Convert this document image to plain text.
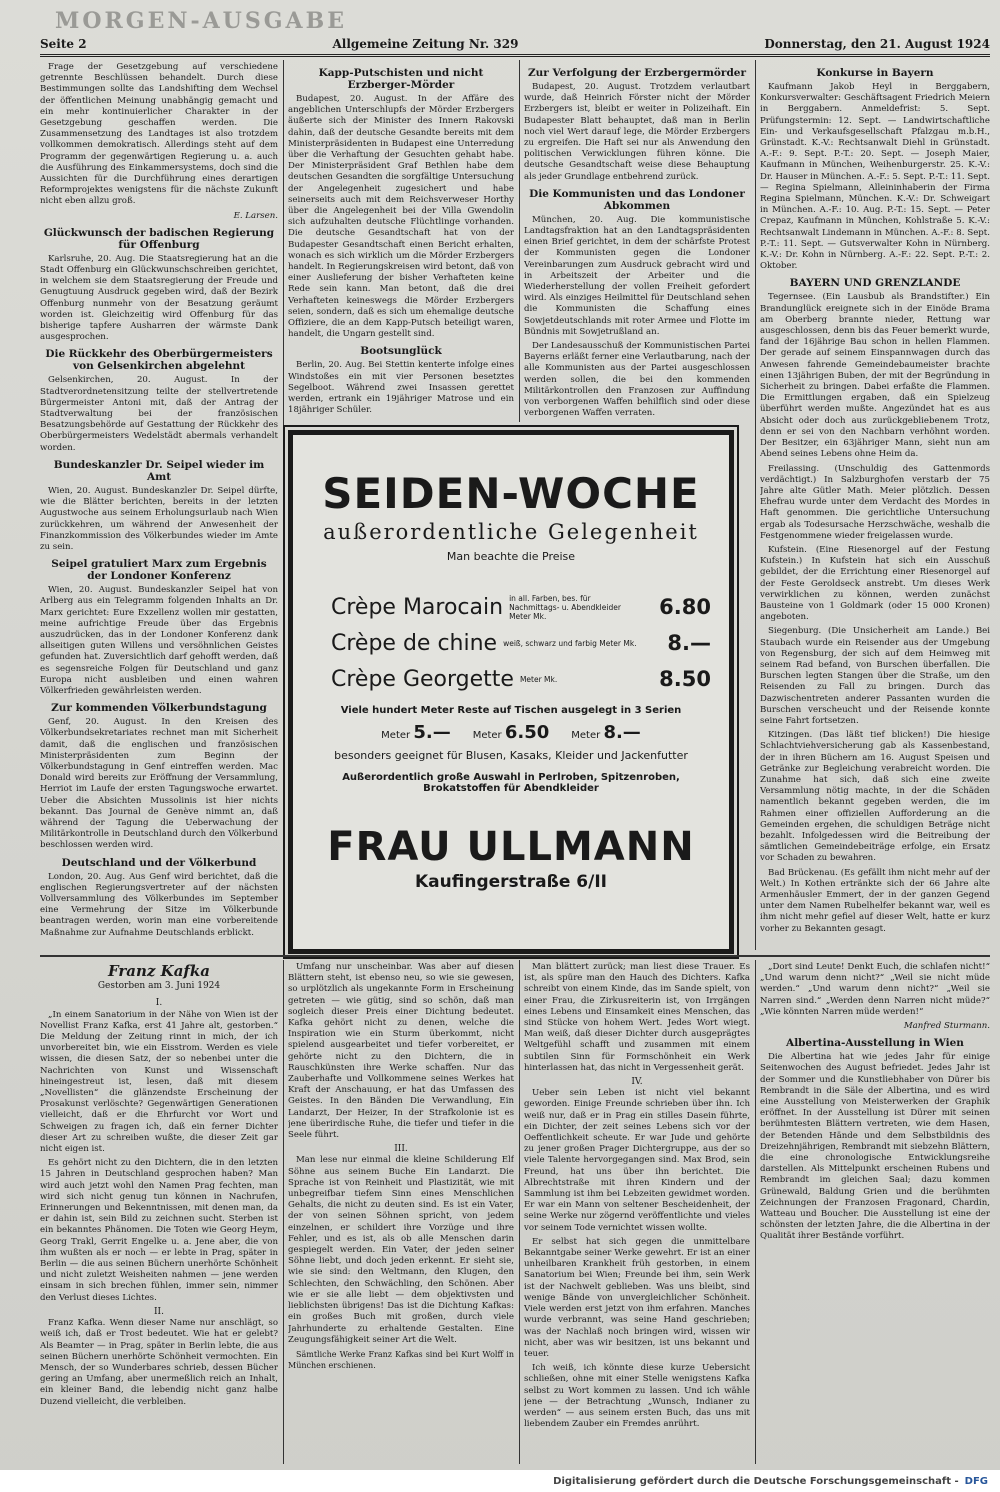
MORGEN-AUSGABE
Seite 2	Allgemeine Zeitung Nr. 329	Donnerstag, den 21. August 1924

Frage der Gesetzgebung auf verschiedene getrennte Beschlüssen behandelt. Durch diese Bestimmungen sollte das Landshifting dem Wechsel der öffentlichen Meinung unabhängig gemacht und ein mehr kontinuierlicher Charakter in der Gesetzgebung geschaffen werden. Die Zusammensetzung des Landtages ist also trotzdem vollkommen demokratisch. Allerdings steht auf dem Programm der gegenwärtigen Regierung u. a. auch die Ausführung des Einkammersystems, doch sind die Aussichten für die Durchführung eines derartigen Reformprojektes wenigstens für die nächste Zukunft nicht eben allzu groß.

E. Larsen.
Glückwunsch der badischen Regierung für Offenburg

Karlsruhe, 20. Aug. Die Staatsregierung hat an die Stadt Offenburg ein Glückwunschschreiben gerichtet, in welchem sie dem Staatsregierung der Freude und Genugtuung Ausdruck gegeben wird, daß der Bezirk Offenburg nunmehr von der Besatzung geräumt worden ist. Gleichzeitig wird Offenburg für das bisherige tapfere Ausharren der wärmste Dank ausgesprochen.

Die Rückkehr des Oberbürgermeisters von Gelsenkirchen abgelehnt

Gelsenkirchen, 20. August. In der Stadtverordnetensitzung teilte der stellvertretende Bürgermeister Antoni mit, daß der Antrag der Stadtverwaltung bei der französischen Besatzungsbehörde auf Gestattung der Rückkehr des Oberbürgermeisters Wedelstädt abermals verhandelt worden.

Bundeskanzler Dr. Seipel wieder im Amt

Wien, 20. August. Bundeskanzler Dr. Seipel dürfte, wie die Blätter berichten, bereits in der letzten Augustwoche aus seinem Erholungsurlaub nach Wien zurückkehren, um während der Anwesenheit der Finanzkommission des Völkerbundes wieder im Amte zu sein.

Seipel gratuliert Marx zum Ergebnis der Londoner Konferenz

Wien, 20. August. Bundeskanzler Seipel hat von Arlberg aus ein Telegramm folgenden Inhalts an Dr. Marx gerichtet: Eure Exzellenz wollen mir gestatten, meine aufrichtige Freude über das Ergebnis auszudrücken, das in der Londoner Konferenz dank allseitigen guten Willens und versöhnlichen Geistes gefunden hat. Zuversichtlich darf gehofft werden, daß es segensreiche Folgen für Deutschland und ganz Europa nicht ausbleiben und einen wahren Völkerfrieden gewährleisten werden.

Zur kommenden Völkerbundstagung

Genf, 20. August. In den Kreisen des Völkerbundsekretariates rechnet man mit Sicherheit damit, daß die englischen und französischen Ministerpräsidenten zum Beginn der Völkerbundstagung in Genf eintreffen werden. Mac Donald wird bereits zur Eröffnung der Versammlung, Herriot im Laufe der ersten Tagungswoche erwartet. Ueber die Absichten Mussolinis ist hier nichts bekannt. Das Journal de Genève nimmt an, daß während der Tagung die Ueberwachung der Militärkontrolle in Deutschland durch den Völkerbund beschlossen werden wird.

Deutschland und der Völkerbund

London, 20. Aug. Aus Genf wird berichtet, daß die englischen Regierungsvertreter auf der nächsten Vollversammlung des Völkerbundes im September eine Vermehrung der Sitze im Völkerbunde beantragen werden, worin man eine vorbereitende Maßnahme zur Aufnahme Deutschlands erblickt.

Kapp-Putschisten und nicht Erzberger-Mörder

Budapest, 20. August. In der Affäre des angeblichen Unterschlupfs der Mörder Erzbergers äußerte sich der Minister des Innern Rakovski dahin, daß der deutsche Gesandte bereits mit dem Ministerpräsidenten in Budapest eine Unterredung über die Verhaftung der Gesuchten gehabt habe. Der Ministerpräsident Graf Bethlen habe dem deutschen Gesandten die sorgfältige Untersuchung der Angelegenheit zugesichert und habe seinerseits auch mit dem Reichsverweser Horthy über die Angelegenheit bei der Villa Gwendolin sich aufzuhalten deutsche Flüchtlinge vorhanden. Die deutsche Gesandtschaft hat von der Budapester Gesandtschaft einen Bericht erhalten, wonach es sich wirklich um die Mörder Erzbergers handelt. In Regierungskreisen wird betont, daß von einer Auslieferung der bisher Verhafteten keine Rede sein kann. Man betont, daß die drei Verhafteten keineswegs die Mörder Erzbergers seien, sondern, daß es sich um ehemalige deutsche Offiziere, die an dem Kapp-Putsch beteiligt waren, handelt, die Ungarn gestellt sind.

Bootsunglück

Berlin, 20. Aug. Bei Stettin kenterte infolge eines Windstoßes ein mit vier Personen besetztes Segelboot. Während zwei Insassen gerettet werden, ertrank ein 19jähriger Matrose und ein 18jähriger Schüler.

Zur Verfolgung der Erzbergermörder

Budapest, 20. August. Trotzdem verlautbart wurde, daß Heinrich Förster nicht der Mörder Erzbergers ist, bleibt er weiter in Polizeihaft. Ein Budapester Blatt behauptet, daß man in Berlin noch viel Wert darauf lege, die Mörder Erzbergers zu ergreifen. Die Haft sei nur als Anwendung den politischen Verwicklungen führen könne. Die deutsche Gesandtschaft weise diese Behauptung als jeder Grundlage entbehrend zurück.

Die Kommunisten und das Londoner Abkommen

München, 20. Aug. Die kommunistische Landtagsfraktion hat an den Landtagspräsidenten einen Brief gerichtet, in dem der schärfste Protest der Kommunisten gegen die Londoner Vereinbarungen zum Ausdruck gebracht wird und in Arbeitszeit der Arbeiter und die Wiederherstellung der vollen Freiheit gefordert wird. Als einziges Heilmittel für Deutschland sehen die Kommunisten die Schaffung eines Sowjetdeutschlands mit roter Armee und Flotte im Bündnis mit Sowjetrußland an.

Der Landesausschuß der Kommunistischen Partei Bayerns erläßt ferner eine Verlautbarung, nach der alle Kommunisten aus der Partei ausgeschlossen werden sollen, die bei den kommenden Militärkontrollen den Franzosen zur Auffindung von verborgenen Waffen behilflich sind oder diese verborgenen Waffen verraten.

Konkurse in Bayern

Kaufmann Jakob Heyl in Berggabern, Konkursverwalter: Geschäftsagent Friedrich Meiern in Berggabern. Anmeldefrist: 5. Sept. Prüfungstermin: 12. Sept. — Landwirtschaftliche Ein- und Verkaufsgesellschaft Pfalzgau m.b.H., Grünstadt. K.-V.: Rechtsanwalt Diehl in Grünstadt. A.-F.: 9. Sept. P.-T.: 20. Sept. — Joseph Maier, Kaufmann in München, Weihenburgerstr. 25. K.-V.: Dr. Hauser in München. A.-F.: 5. Sept. P.-T.: 11. Sept. — Regina Spielmann, Alleininhaberin der Firma Regina Spielmann, München. K.-V.: Dr. Schweigart in München. A.-F.: 10. Aug. P.-T.: 15. Sept. — Peter Crepaz, Kaufmann in München, Kohlstraße 5. K.-V.: Rechtsanwalt Lindemann in München. A.-F.: 8. Sept. P.-T.: 11. Sept. — Gutsverwalter Kohn in Nürnberg. K.-V.: Dr. Kohn in Nürnberg. A.-F.: 22. Sept. P.-T.: 2. Oktober.

BAYERN UND GRENZLANDE

Tegernsee. (Ein Lausbub als Brandstifter.) Ein Brandunglück ereignete sich in der Einöde Brama am Oberberg brannte nieder, Rettung war ausgeschlossen, denn bis das Feuer bemerkt wurde, fand der 16jährige Bau schon in hellen Flammen. Der gerade auf seinem Einspannwagen durch das Anwesen fahrende Gemeindebaumeister brachte einen 13jährigen Buben, der mit der Begründung in Sicherheit zu bringen. Dabei erfaßte die Flammen. Die Ermittlungen ergaben, daß ein Spielzeug überführt werden mußte. Angezündet hat es aus Absicht oder doch aus zurückgebliebenem Trotz, denn er sei von den Nachbarn verhöhnt worden. Der Besitzer, ein 63jähriger Mann, sieht nun am Abend seines Lebens ohne Heim da.

Freilassing. (Unschuldig des Gattenmords verdächtigt.) In Salzburghofen verstarb der 75 Jahre alte Gütler Math. Meier plötzlich. Dessen Ehefrau wurde unter dem Verdacht des Mordes in Haft genommen. Die gerichtliche Untersuchung ergab als Todesursache Herzschwäche, weshalb die Festgenommene wieder freigelassen wurde.

Kufstein. (Eine Riesenorgel auf der Festung Kufstein.) In Kufstein hat sich ein Ausschuß gebildet, der die Errichtung einer Riesenorgel auf der Feste Geroldseck anstrebt. Um dieses Werk verwirklichen zu können, werden zunächst Bausteine von 1 Goldmark (oder 15 000 Kronen) angeboten.

Siegenburg. (Die Unsicherheit am Lande.) Bei Staubach wurde ein Reisender aus der Umgebung von Regensburg, der sich auf dem Heimweg mit seinem Rad befand, von Burschen überfallen. Die Burschen legten Stangen über die Straße, um den Reisenden zu Fall zu bringen. Durch das Dazwischentreten anderer Passanten wurden die Burschen verscheucht und der Reisende konnte seine Fahrt fortsetzen.

Kitzingen. (Das läßt tief blicken!) Die hiesige Schlachtviehversicherung gab als Kassenbestand, der in ihren Büchern am 16. August Speisen und Getränke zur Begleichung verabreicht worden. Die Zunahme hat sich, daß sich eine zweite Versammlung nötig machte, in der die Schäden namentlich bekannt gegeben werden, die im Rahmen einer offiziellen Aufforderung an die Gemeinden ergehen, die schuldigen Beträge nicht bezahlt. Infolgedessen wird die Beitreibung der sämtlichen Gemeindebeiträge erfolge, ein Ersatz vor Schaden zu bewahren.

Bad Brückenau. (Es gefällt ihm nicht mehr auf der Welt.) In Kothen ertränkte sich der 66 Jahre alte Armenhäusler Emmert, der in der ganzen Gegend unter dem Namen Rubelhelfer bekannt war, weil es ihm nicht mehr gefiel auf dieser Welt, hatte er kurz vorher zu Bekannten gesagt.

SEIDEN-WOCHE
außerordentliche Gelegenheit
Man beachte die Preise
Crèpe Marocain in all. Farben, bes. für Nachmittags- u. Abendkleider Meter Mk.	6.80
Crèpe de chine weiß, schwarz und farbig Meter Mk.	8.—
Crèpe Georgette Meter Mk.	8.50
Viele hundert Meter Reste auf Tischen ausgelegt in 3 Serien
Meter 5.— Meter 6.50 Meter 8.—
besonders geeignet für Blusen, Kasaks, Kleider und Jackenfutter
Außerordentlich große Auswahl in Perlroben, Spitzenroben, Brokatstoffen für Abendkleider
FRAU ULLMANN
Kaufingerstraße 6/II
Franz Kafka
Gestorben am 3. Juni 1924
I.

„In einem Sanatorium in der Nähe von Wien ist der Novellist Franz Kafka, erst 41 Jahre alt, gestorben.“ Die Meldung der Zeitung rinnt in mich, der ich unvorbereitet bin, wie ein Eisstrom. Werden es viele wissen, die diesen Satz, der so nebenbei unter die Nachrichten von Kunst und Wissenschaft hineingestreut ist, lesen, daß mit diesem „Novellisten“ die glänzendste Erscheinung der Prosakunst verlöschte? Gegenwärtigen Generationen vielleicht, daß er die Ehrfurcht vor Wort und Schweigen zu fragen ich, daß ein ferner Dichter dieser Art zu schreiben wußte, die dieser Zeit gar nicht eigen ist.

Es gehört nicht zu den Dichtern, die in den letzten 15 Jahren in Deutschland gesprochen haben? Man wird auch jetzt wohl den Namen Prag fechten, man wird sich nicht genug tun können in Nachrufen, Erinnerungen und Bekenntnissen, mit denen man, da er dahin ist, sein Bild zu zeichnen sucht. Sterben ist ein bekanntes Phänomen. Die Toten wie Georg Heym, Georg Trakl, Gerrit Engelke u. a. Jene aber, die von ihm wußten als er noch — er lebte in Prag, später in Berlin — die aus seinen Büchern unerhörte Schönheit und nicht zuletzt Weisheiten nahmen — jene werden einsam in sich brechen fühlen, immer sein, nimmer den Verlust dieses Lichtes.

II.

Franz Kafka. Wenn dieser Name nur anschlägt, so weiß ich, daß er Trost bedeutet. Wie hat er gelebt? Als Beamter — in Prag, später in Berlin lebte, die aus seinen Büchern unerhörte Schönheit vermochten. Ein Mensch, der so Wunderbares schrieb, dessen Bücher gering an Umfang, aber unermeßlich reich an Inhalt, ein kleiner Band, die lebendig nicht ganz halbe Duzend vielleicht, die verbleiben.

Umfang nur unscheinbar. Was aber auf diesen Blättern steht, ist ebenso neu, so wie sie gewesen, so urplötzlich als ungekannte Form in Erscheinung getreten — wie gütig, sind so schön, daß man sogleich dieser Preis einer Dichtung bedeutet. Kafka gehört nicht zu denen, welche die Inspiration wie ein Sturm überkommt, nicht spielend ausgearbeitet und tiefer vorbereitet, er gehörte nicht zu den Dichtern, die in Rauschkünsten ihre Werke schaffen. Nur das Zauberhafte und Vollkommene seines Werkes hat Kraft der Anschauung, er hat das Umfassen des Geistes. In den Bänden Die Verwandlung, Ein Landarzt, Der Heizer, In der Strafkolonie ist es jene überirdische Ruhe, die tiefer und tiefer in die Seele führt.

III.

Man lese nur einmal die kleine Schilderung Elf Söhne aus seinem Buche Ein Landarzt. Die Sprache ist von Reinheit und Plastizität, wie mit unbegreifbar tiefem Sinn eines Menschlichen Gehalts, die nicht zu deuten sind. Es ist ein Vater, der von seinen Söhnen spricht, von jedem einzelnen, er schildert ihre Vorzüge und ihre Fehler, und es ist, als ob alle Menschen darin gespiegelt werden. Ein Vater, der jeden seiner Söhne liebt, und doch jeden erkennt. Er sieht sie, wie sie sind: den Weltmann, den Klugen, den Schlechten, den Schwächling, den Schönen. Aber wie er sie alle liebt — dem objektivsten und lieblichsten übrigens! Das ist die Dichtung Kafkas: ein großes Buch mit großen, durch viele Jahrhunderte zu erhaltende Gestalten. Eine Zeugungsfähigkeit seiner Art die Welt.

Sämtliche Werke Franz Kafkas sind bei Kurt Wolff in München erschienen.

Man blättert zurück; man liest diese Trauer. Es ist, als spüre man den Hauch des Dichters. Kafka schreibt von einem Kinde, das im Sande spielt, von einer Frau, die Zirkusreiterin ist, von Irrgängen eines Lebens und Einsamkeit eines Menschen, das sind Stücke von hohem Wert. Jedes Wort wiegt. Man weiß, daß dieser Dichter durch ausgeprägtes Weltgefühl schafft und zusammen mit einem subtilen Sinn für Formschönheit ein Werk hinterlassen hat, das nicht in Vergessenheit gerät.

IV.

Ueber sein Leben ist nicht viel bekannt geworden. Einige Freunde schrieben über ihn. Ich weiß nur, daß er in Prag ein stilles Dasein führte, ein Dichter, der zeit seines Lebens sich vor der Oeffentlichkeit scheute. Er war Jude und gehörte zu jener großen Prager Dichtergruppe, aus der so viele Talente hervorgegangen sind. Max Brod, sein Freund, hat uns über ihn berichtet. Die Albrechtstraße mit ihren Kindern und der Sammlung ist ihm bei Lebzeiten gewidmet worden. Er war ein Mann von seltener Bescheidenheit, der seine Werke nur zögernd veröffentlichte und vieles vor seinem Tode vernichtet wissen wollte.

Er selbst hat sich gegen die unmittelbare Bekanntgabe seiner Werke gewehrt. Er ist an einer unheilbaren Krankheit früh gestorben, in einem Sanatorium bei Wien; Freunde bei ihm, sein Werk ist der Nachwelt geblieben. Was uns bleibt, sind wenige Bände von unvergleichlicher Schönheit. Viele werden erst jetzt von ihm erfahren. Manches wurde verbrannt, was seine Hand geschrieben; was der Nachlaß noch bringen wird, wissen wir nicht, aber was wir besitzen, ist uns bekannt und teuer.

Ich weiß, ich könnte diese kurze Uebersicht schließen, ohne mit einer Stelle wenigstens Kafka selbst zu Wort kommen zu lassen. Und ich wähle jene — der Betrachtung „Wunsch, Indianer zu werden“ — aus seinem ersten Buch, das uns mit liebendem Zauber ein Fremdes anrührt.

„Dort sind Leute! Denkt Euch, die schlafen nicht!“ „Und warum denn nicht?“ „Weil sie nicht müde werden.“ „Und warum denn nicht?“ „Weil sie Narren sind.“ „Werden denn Narren nicht müde?“ „Wie könnten Narren müde werden!“

Manfred Sturmann.
Albertina-Ausstellung in Wien

Die Albertina hat wie jedes Jahr für einige Seitenwochen des August befriedet. Jedes Jahr ist der Sommer und die Kunstliebhaber von Dürer bis Rembrandt in die Säle der Albertina, und es wird eine Ausstellung von Meisterwerken der Graphik eröffnet. In der Ausstellung ist Dürer mit seinen berühmtesten Blättern vertreten, wie dem Hasen, der Betenden Hände und dem Selbstbildnis des Dreizehnjährigen, Rembrandt mit siebzehn Blättern, die eine chronologische Entwicklungsreihe darstellen. Als Mittelpunkt erscheinen Rubens und Rembrandt im gleichen Saal; dazu kommen Grünewald, Baldung Grien und die berühmten Zeichnungen der Franzosen Fragonard, Chardin, Watteau und Boucher. Die Ausstellung ist eine der schönsten der letzten Jahre, die die Albertina in der Qualität ihrer Bestände vorführt.

Digitalisierung gefördert durch die Deutsche Forschungsgemeinschaft - DFG
